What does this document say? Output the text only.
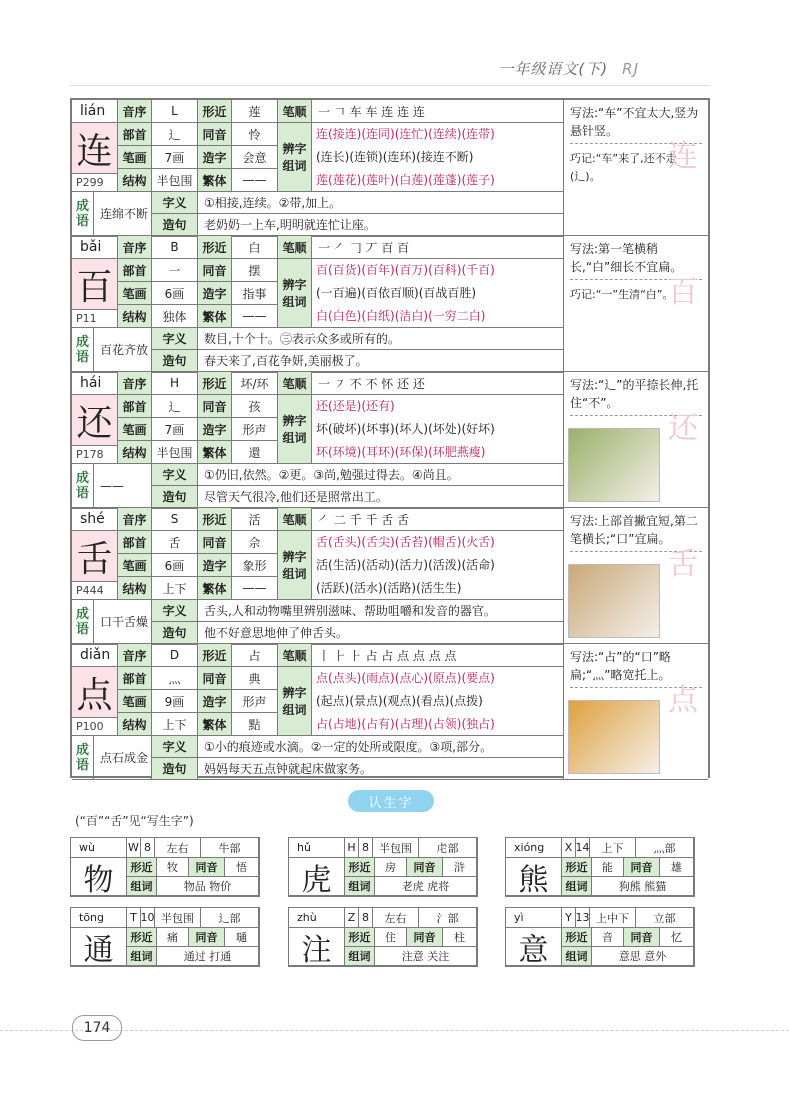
一年级语文(下) RJ
lián	音序	L	形近	莲	笔顺 一 𠃍 车 车 连 连 连
连
P299
部首	辶	同音	怜
笔画	7画	造字	会意
结构 半包围 繁体	——
辨字
组词
连(接连)(连同)(连忙)(连续)(连带)
(连长)(连锁)(连环)(接连不断)
莲(莲花)(莲叶)(白莲)(莲蓬)(莲子)
成语 连绵不断
字义	①相接,连续。②带,加上。
造句	老奶奶一上车,明明就连忙让座。
写法:“车”不宜太大,竖为悬针竖。
巧记:“车”来了,还不走(辶)。
连
bǎi	音序	B	形近	白	笔顺 一 ㇒ 𠃌 丆 百 百
百
P11
部首	一	同音	摆
笔画	6画	造字	指事
结构	独体	繁体	——
辨字
组词
百(百货)(百年)(百万)(百科)(千百)
(一百遍)(百依百顺)(百战百胜)
白(白色)(白纸)(洁白)(一穷二白)
成语 百花齐放
字义	数目,十个十。㊂表示众多或所有的。
造句	春天来了,百花争妍,美丽极了。
写法:第一笔横稍长,“白”细长不宜扁。
巧记:“一”生清“白”。
百
hái	音序	H	形近	坏/环	笔顺 一 ㇇ 不 不 怀 还 还
还
P178
部首	辶	同音	孩
笔画	7画	造字	形声
结构 半包围 繁体	還
辨字
组词
还(还是)(还有)
坏(破坏)(坏事)(坏人)(坏处)(好坏)
环(环境)(耳环)(环保)(环肥燕瘦)
成语 ——
字义	①仍旧,依然。②更。③尚,勉强过得去。④尚且。
造句	尽管天气很冷,他们还是照常出工。
写法:“辶”的平捺长伸,托住“不”。
还
shé	音序	S	形近	活	笔顺 ㇒ 二 千 千 舌 舌
舌
P444
部首	舌	同音	佘
笔画	6画	造字	象形
结构	上下	繁体	——
辨字
组词
舌(舌头)(舌尖)(舌苔)(帽舌)(火舌)
活(生活)(活动)(活力)(活泼)(活命)
(活跃)(活水)(活路)(活生生)
成语 口干舌燥
字义	舌头,人和动物嘴里辨别滋味、帮助咀嚼和发音的器官。
造句	他不好意思地伸了伸舌头。
写法:上部首撇宜短,第二笔横长;“口”宜扁。
舌
diǎn	音序	D	形近	占	笔顺 丨 ⺊ ⺊ 占 占 点 点 点 点
点
P100
部首	灬	同音	典
笔画	9画	造字	形声
结构	上下	繁体	點
辨字
组词
点(点头)(雨点)(点心)(原点)(要点)
(起点)(景点)(观点)(看点)(点拨)
占(占地)(占有)(占理)(占领)(独占)
成语 点石成金
字义	①小的痕迹或水滴。②一定的处所或限度。③项,部分。
造句	妈妈每天五点钟就起床做家务。
写法:“占”的“口”略扁;“灬”略宽托上。
点
认生字
(“百”“舌”见“写生字”)
wù	W 8	左右	牛部
物	形近	牧	同音	悟
组词	物品 物价
hǔ	H 8 半包围	虍部
虎	形近	房	同音	浒
组词	老虎 虎将
xióng	X 14	上下	灬部
熊	形近	能	同音	雄
组词	狗熊 熊猫
tōng	T 10 半包围	辶部
通	形近	痛	同音	嗵
组词	通过 打通
zhù	Z 8	左右	氵部
注	形近	住	同音	柱
组词	注意 关注
yì	Y 13 上中下	立部
意	形近	音	同音	忆
组词	意思 意外
174
